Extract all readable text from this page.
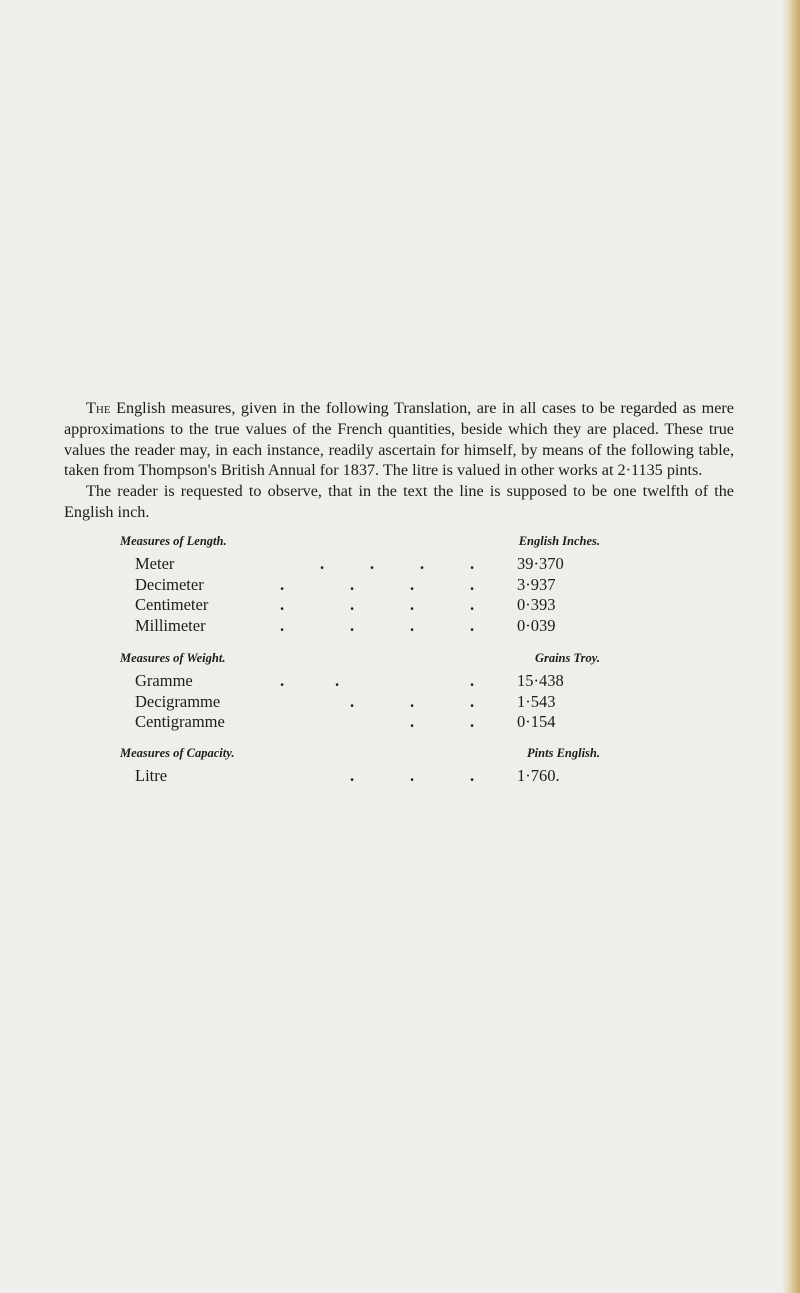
The English measures, given in the following Translation, are in all cases to be regarded as mere approximations to the true values of the French quantities, beside which they are placed. These true values the reader may, in each instance, readily ascertain for himself, by means of the following table, taken from Thompson's British Annual for 1837. The litre is valued in other works at 2·1135 pints.

The reader is requested to observe, that in the text the line is supposed to be one twelfth of the English inch.

Measures of Length.	English Inches.
Meter	.	.	.	.	39·370
Decimeter	.	.	.	.	3·937
Centimeter	.	.	.	.	0·393
Millimeter	.	.	.	.	0·039
Measures of Weight.	Grains Troy.
Gramme	.	.	.	15·438
Decigramme	.	.	.	1·543
Centigramme	.	.	0·154
Measures of Capacity.	Pints English.
Litre	.	.	.	1·760.
